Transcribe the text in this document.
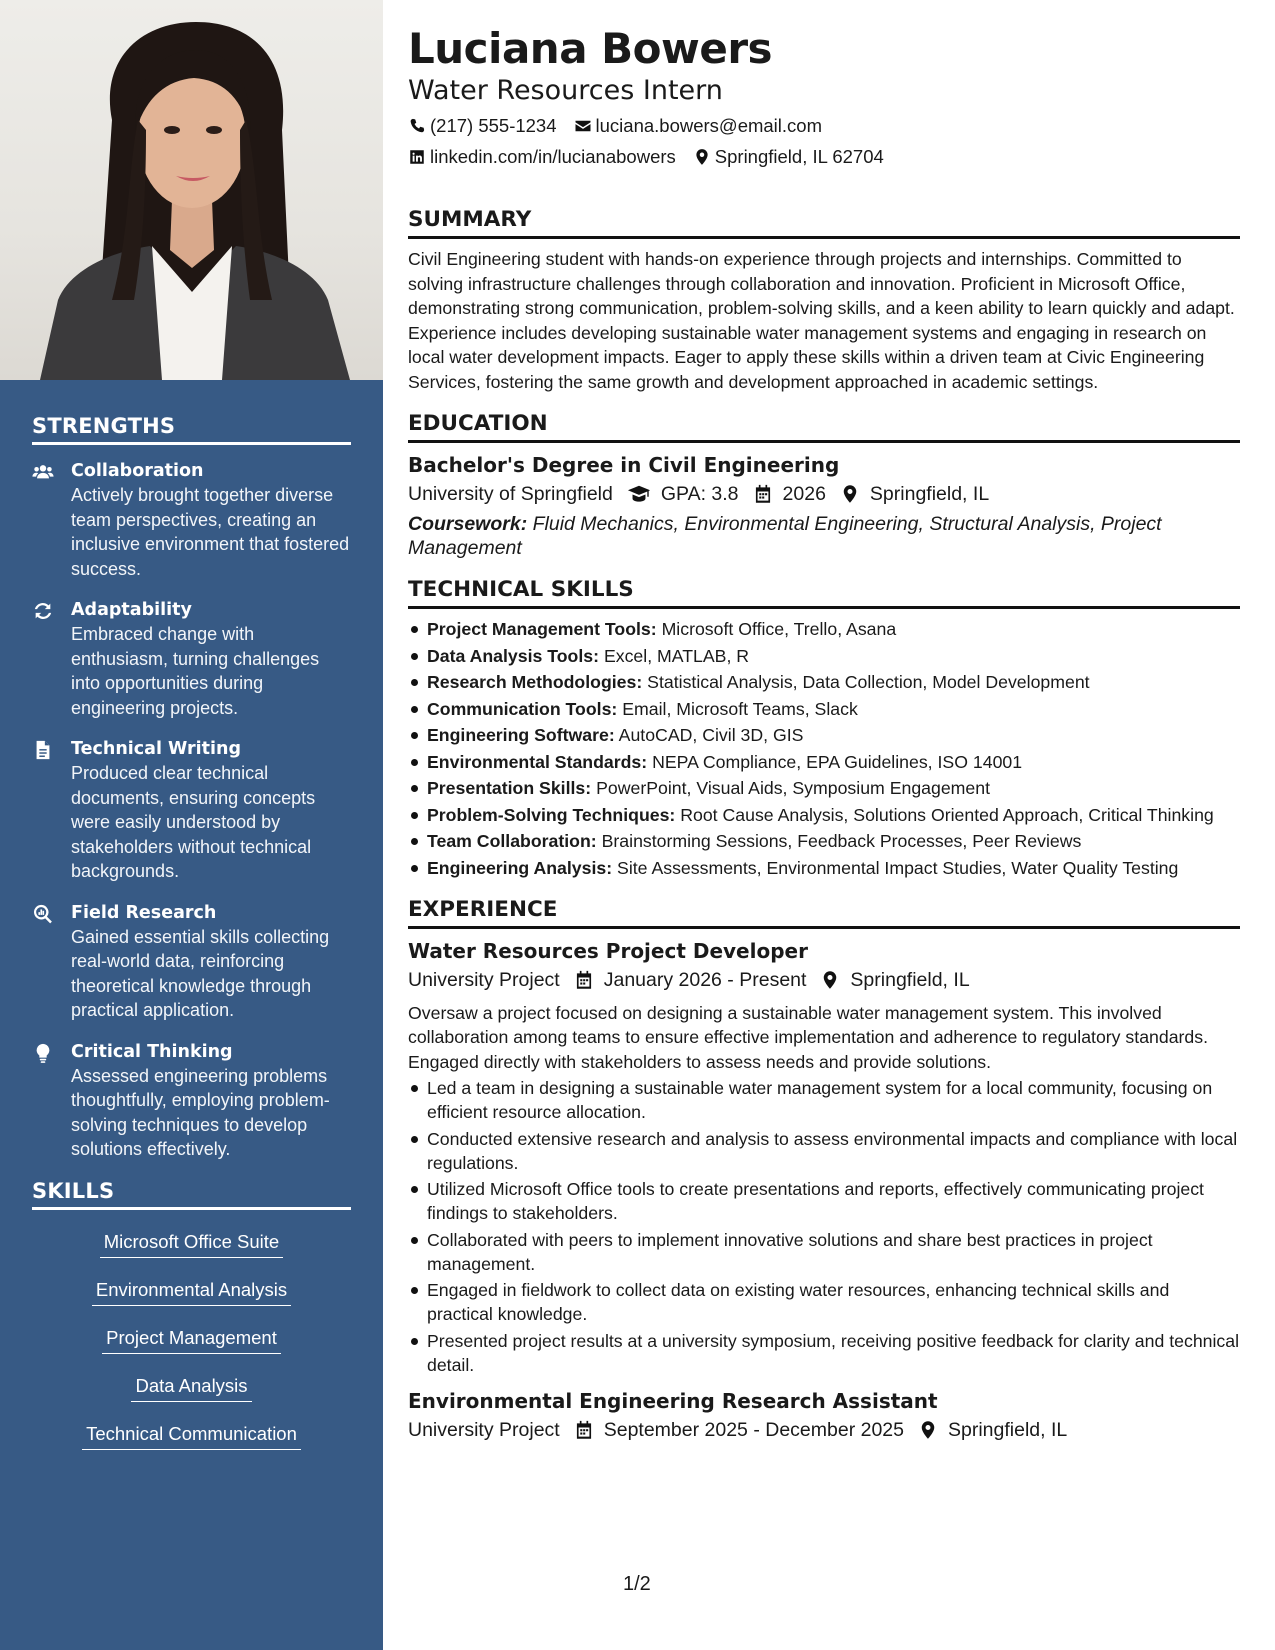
STRENGTHS
Collaboration
Actively brought together diverse team perspectives, creating an inclusive environment that fostered success.
Adaptability
Embraced change with enthusiasm, turning challenges into opportunities during engineering projects.
Technical Writing
Produced clear technical documents, ensuring concepts were easily understood by stakeholders without technical backgrounds.
Field Research
Gained essential skills collecting real-world data, reinforcing theoretical knowledge through practical application.
Critical Thinking
Assessed engineering problems thoughtfully, employing problem-solving techniques to develop solutions effectively.
SKILLS
Microsoft Office Suite
Environmental Analysis
Project Management
Data Analysis
Technical Communication
Luciana Bowers
Water Resources Intern
(217) 555-1234 luciana.bowers@email.com
linkedin.com/in/lucianabowers Springfield, IL 62704
SUMMARY
Civil Engineering student with hands-on experience through projects and internships. Committed to solving infrastructure challenges through collaboration and innovation. Proficient in Microsoft Office, demonstrating strong communication, problem-solving skills, and a keen ability to learn quickly and adapt. Experience includes developing sustainable water management systems and engaging in research on local water development impacts. Eager to apply these skills within a driven team at Civic Engineering Services, fostering the same growth and development approached in academic settings.
EDUCATION
Bachelor's Degree in Civil Engineering
University of Springfield GPA: 3.8 2026 Springfield, IL
Coursework: Fluid Mechanics, Environmental Engineering, Structural Analysis, Project Management
TECHNICAL SKILLS
Project Management Tools: Microsoft Office, Trello, Asana
Data Analysis Tools: Excel, MATLAB, R
Research Methodologies: Statistical Analysis, Data Collection, Model Development
Communication Tools: Email, Microsoft Teams, Slack
Engineering Software: AutoCAD, Civil 3D, GIS
Environmental Standards: NEPA Compliance, EPA Guidelines, ISO 14001
Presentation Skills: PowerPoint, Visual Aids, Symposium Engagement
Problem-Solving Techniques: Root Cause Analysis, Solutions Oriented Approach, Critical Thinking
Team Collaboration: Brainstorming Sessions, Feedback Processes, Peer Reviews
Engineering Analysis: Site Assessments, Environmental Impact Studies, Water Quality Testing
EXPERIENCE
Water Resources Project Developer
University Project January 2026 - Present Springfield, IL
Oversaw a project focused on designing a sustainable water management system. This involved collaboration among teams to ensure effective implementation and adherence to regulatory standards. Engaged directly with stakeholders to assess needs and provide solutions.
Led a team in designing a sustainable water management system for a local community, focusing on efficient resource allocation.
Conducted extensive research and analysis to assess environmental impacts and compliance with local regulations.
Utilized Microsoft Office tools to create presentations and reports, effectively communicating project findings to stakeholders.
Collaborated with peers to implement innovative solutions and share best practices in project management.
Engaged in fieldwork to collect data on existing water resources, enhancing technical skills and practical knowledge.
Presented project results at a university symposium, receiving positive feedback for clarity and technical detail.
Environmental Engineering Research Assistant
University Project September 2025 - December 2025 Springfield, IL
1/2
